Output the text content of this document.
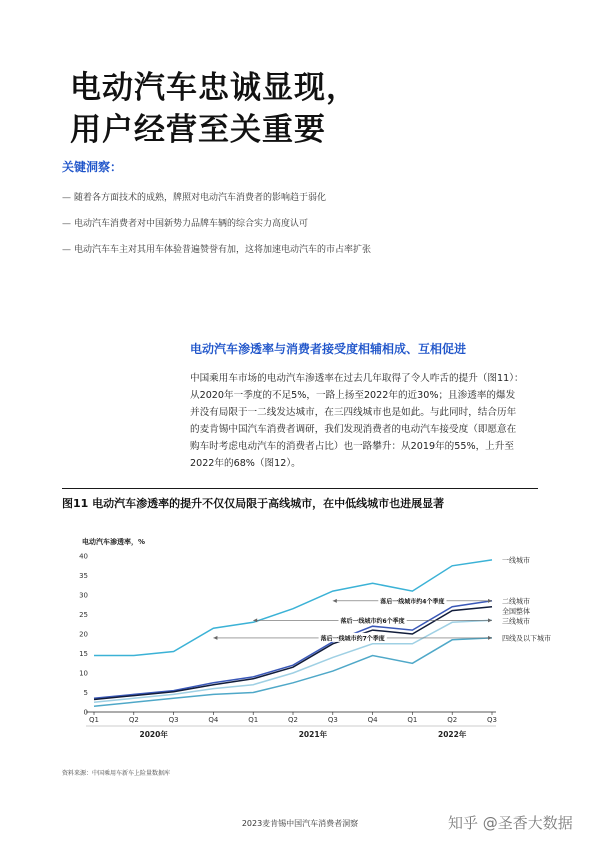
电动汽车忠诚显现，
用户经营至关重要
关键洞察：
— 随着各方面技术的成熟，牌照对电动汽车消费者的影响趋于弱化
— 电动汽车消费者对中国新势力品牌车辆的综合实力高度认可
— 电动汽车车主对其用车体验普遍赞誉有加，这将加速电动汽车的市占率扩张
电动汽车渗透率与消费者接受度相辅相成、互相促进
中国乘用车市场的电动汽车渗透率在过去几年取得了令人咋舌的提升（图11）：
从2020年一季度的不足5%，一路上扬至2022年的近30%；且渗透率的爆发
并没有局限于一二线发达城市，在三四线城市也是如此。与此同时，结合历年
的麦肯锡中国汽车消费者调研，我们发现消费者的电动汽车接受度（即愿意在
购车时考虑电动汽车的消费者占比）也一路攀升：从2019年的55%，上升至
2022年的68%（图12）。
图11 电动汽车渗透率的提升不仅仅局限于高线城市，在中低线城市也进展显著
电动汽车渗透率，%
0
5
10
15
20
25
30
35
40
Q1	Q2	Q3	Q4	Q1	Q2	Q3	Q4	Q1	Q2	Q3
2020年	2021年	2022年
一线城市
二线城市
全国整体
三线城市
四线及以下城市
落后一线城市约4个季度
落后一线城市约6个季度
落后一线城市约7个季度
资料来源：中国乘用车新车上险量数据库
2023麦肯锡中国汽车消费者洞察	知乎 @圣香大数据
